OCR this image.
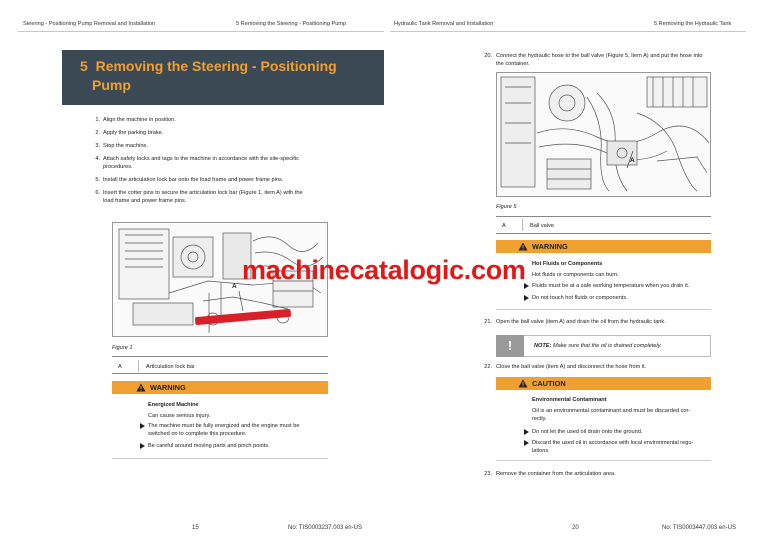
Steering - Positioning Pump Removal and Installation	5 Removing the Steering - Positioning Pump
5 Removing the Steering - Positioning
Pump
1. Align the machine in position.
2. Apply the parking brake.
3. Stop the machine.
4. Attach safety locks and tags to the machine in accordance with the site-specific
procedures.
5. Install the articulation lock bar onto the load frame and power frame pins.
6. Insert the cotter pins to secure the articulation lock bar (Figure 1, item A) with the
load frame and power frame pins.
A
Figure 1
A	Articulation lock bar
WARNING
Energized Machine
Can cause serious injury.
The machine must be fully energized and the engine must be
switched on to complete this procedure.
Be careful around moving parts and pinch points.
15	No: TIS0003237.003 en-US
Hydraulic Tank Removal and Installation	5 Removing the Hydraulic Tank
20. Connect the hydraulic hose to the ball valve (Figure 5, item A) and put the hose into
the container.
A
Figure 5
A	Ball valve
WARNING
Hot Fluids or Components
Hot fluids or components can burn.
Fluids must be at a safe working temperature when you drain it.
Do not touch hot fluids or components.
21. Open the ball valve (item A) and drain the oil from the hydraulic tank.
!	NOTE: Make sure that the oil is drained completely.
22. Close the ball valve (item A) and disconnect the hose from it.
CAUTION
Environmental Contaminant
Oil is an environmental contaminant and must be discarded cor-
rectly.
Do not let the used oil drain onto the ground.
Discard the used oil in accordance with local environmental regu-
lations.
23. Remove the container from the articulation area.
20	No: TIS0003447.003 en-US
machinecatalogic.com
